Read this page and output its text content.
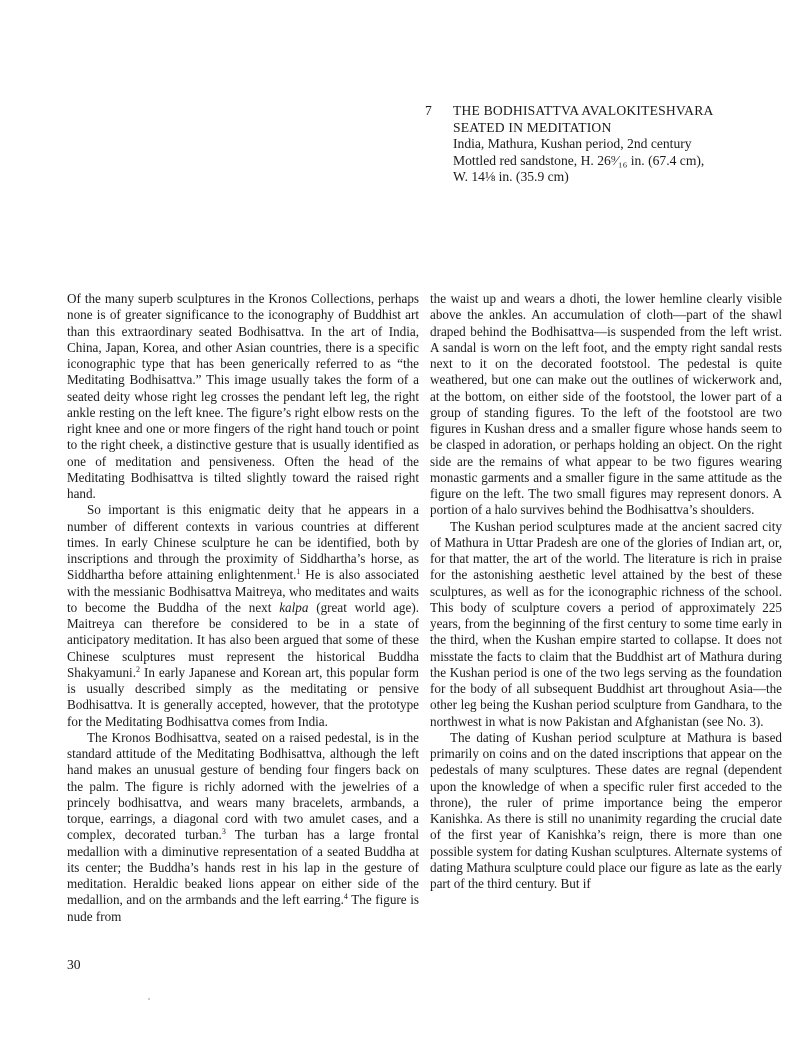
7 THE BODHISATTVA AVALOKITESHVARA
SEATED IN MEDITATION
India, Mathura, Kushan period, 2nd century
Mottled red sandstone, H. 26⁹⁄₁₆ in. (67.4 cm),
W. 14⅛ in. (35.9 cm)

Of the many superb sculptures in the Kronos Collections, perhaps none is of greater significance to the iconography of Buddhist art than this extraordinary seated Bodhisattva. In the art of India, China, Japan, Korea, and other Asian countries, there is a specific iconographic type that has been generically referred to as “the Meditating Bodhisattva.” This image usually takes the form of a seated deity whose right leg crosses the pendant left leg, the right ankle resting on the left knee. The figure’s right elbow rests on the right knee and one or more fingers of the right hand touch or point to the right cheek, a distinctive gesture that is usually identified as one of meditation and pensiveness. Often the head of the Meditating Bodhisattva is tilted slightly toward the raised right hand.

So important is this enigmatic deity that he appears in a number of different contexts in various countries at different times. In early Chinese sculpture he can be identified, both by inscriptions and through the proximity of Siddhartha’s horse, as Siddhartha before attaining enlightenment.$^1$ He is also associated with the messianic Bodhisattva Maitreya, who meditates and waits to become the Buddha of the next kalpa (great world age). Maitreya can therefore be considered to be in a state of anticipatory meditation. It has also been argued that some of these Chinese sculptures must represent the historical Buddha Shakyamuni.$^2$ In early Japanese and Korean art, this popular form is usually described simply as the meditating or pensive Bodhisattva. It is generally accepted, however, that the prototype for the Meditating Bodhisattva comes from India.

The Kronos Bodhisattva, seated on a raised pedestal, is in the standard attitude of the Meditating Bodhisattva, although the left hand makes an unusual gesture of bending four fingers back on the palm. The figure is richly adorned with the jewelries of a princely bodhisattva, and wears many bracelets, armbands, a torque, earrings, a diagonal cord with two amulet cases, and a complex, decorated turban.$^3$ The turban has a large frontal medallion with a diminutive representation of a seated Buddha at its center; the Buddha’s hands rest in his lap in the gesture of meditation. Heraldic beaked lions appear on either side of the medallion, and on the armbands and the left earring.$^4$ The figure is nude from

the waist up and wears a dhoti, the lower hemline clearly visible above the ankles. An accumulation of cloth—part of the shawl draped behind the Bodhisattva—is suspended from the left wrist. A sandal is worn on the left foot, and the empty right sandal rests next to it on the decorated footstool. The pedestal is quite weathered, but one can make out the outlines of wickerwork and, at the bottom, on either side of the footstool, the lower part of a group of standing figures. To the left of the footstool are two figures in Kushan dress and a smaller figure whose hands seem to be clasped in adoration, or perhaps holding an object. On the right side are the remains of what appear to be two figures wearing monastic garments and a smaller figure in the same attitude as the figure on the left. The two small figures may represent donors. A portion of a halo survives behind the Bodhisattva’s shoulders.

The Kushan period sculptures made at the ancient sacred city of Mathura in Uttar Pradesh are one of the glories of Indian art, or, for that matter, the art of the world. The literature is rich in praise for the astonishing aesthetic level attained by the best of these sculptures, as well as for the iconographic richness of the school. This body of sculpture covers a period of approximately 225 years, from the beginning of the first century to some time early in the third, when the Kushan empire started to collapse. It does not misstate the facts to claim that the Buddhist art of Mathura during the Kushan period is one of the two legs serving as the foundation for the body of all subsequent Buddhist art throughout Asia—the other leg being the Kushan period sculpture from Gandhara, to the northwest in what is now Pakistan and Afghanistan (see No. 3).

The dating of Kushan period sculpture at Mathura is based primarily on coins and on the dated inscriptions that appear on the pedestals of many sculptures. These dates are regnal (dependent upon the knowledge of when a specific ruler first acceded to the throne), the ruler of prime importance being the emperor Kanishka. As there is still no unanimity regarding the crucial date of the first year of Kanishka’s reign, there is more than one possible system for dating Kushan sculptures. Alternate systems of dating Mathura sculpture could place our figure as late as the early part of the third century. But if

30
